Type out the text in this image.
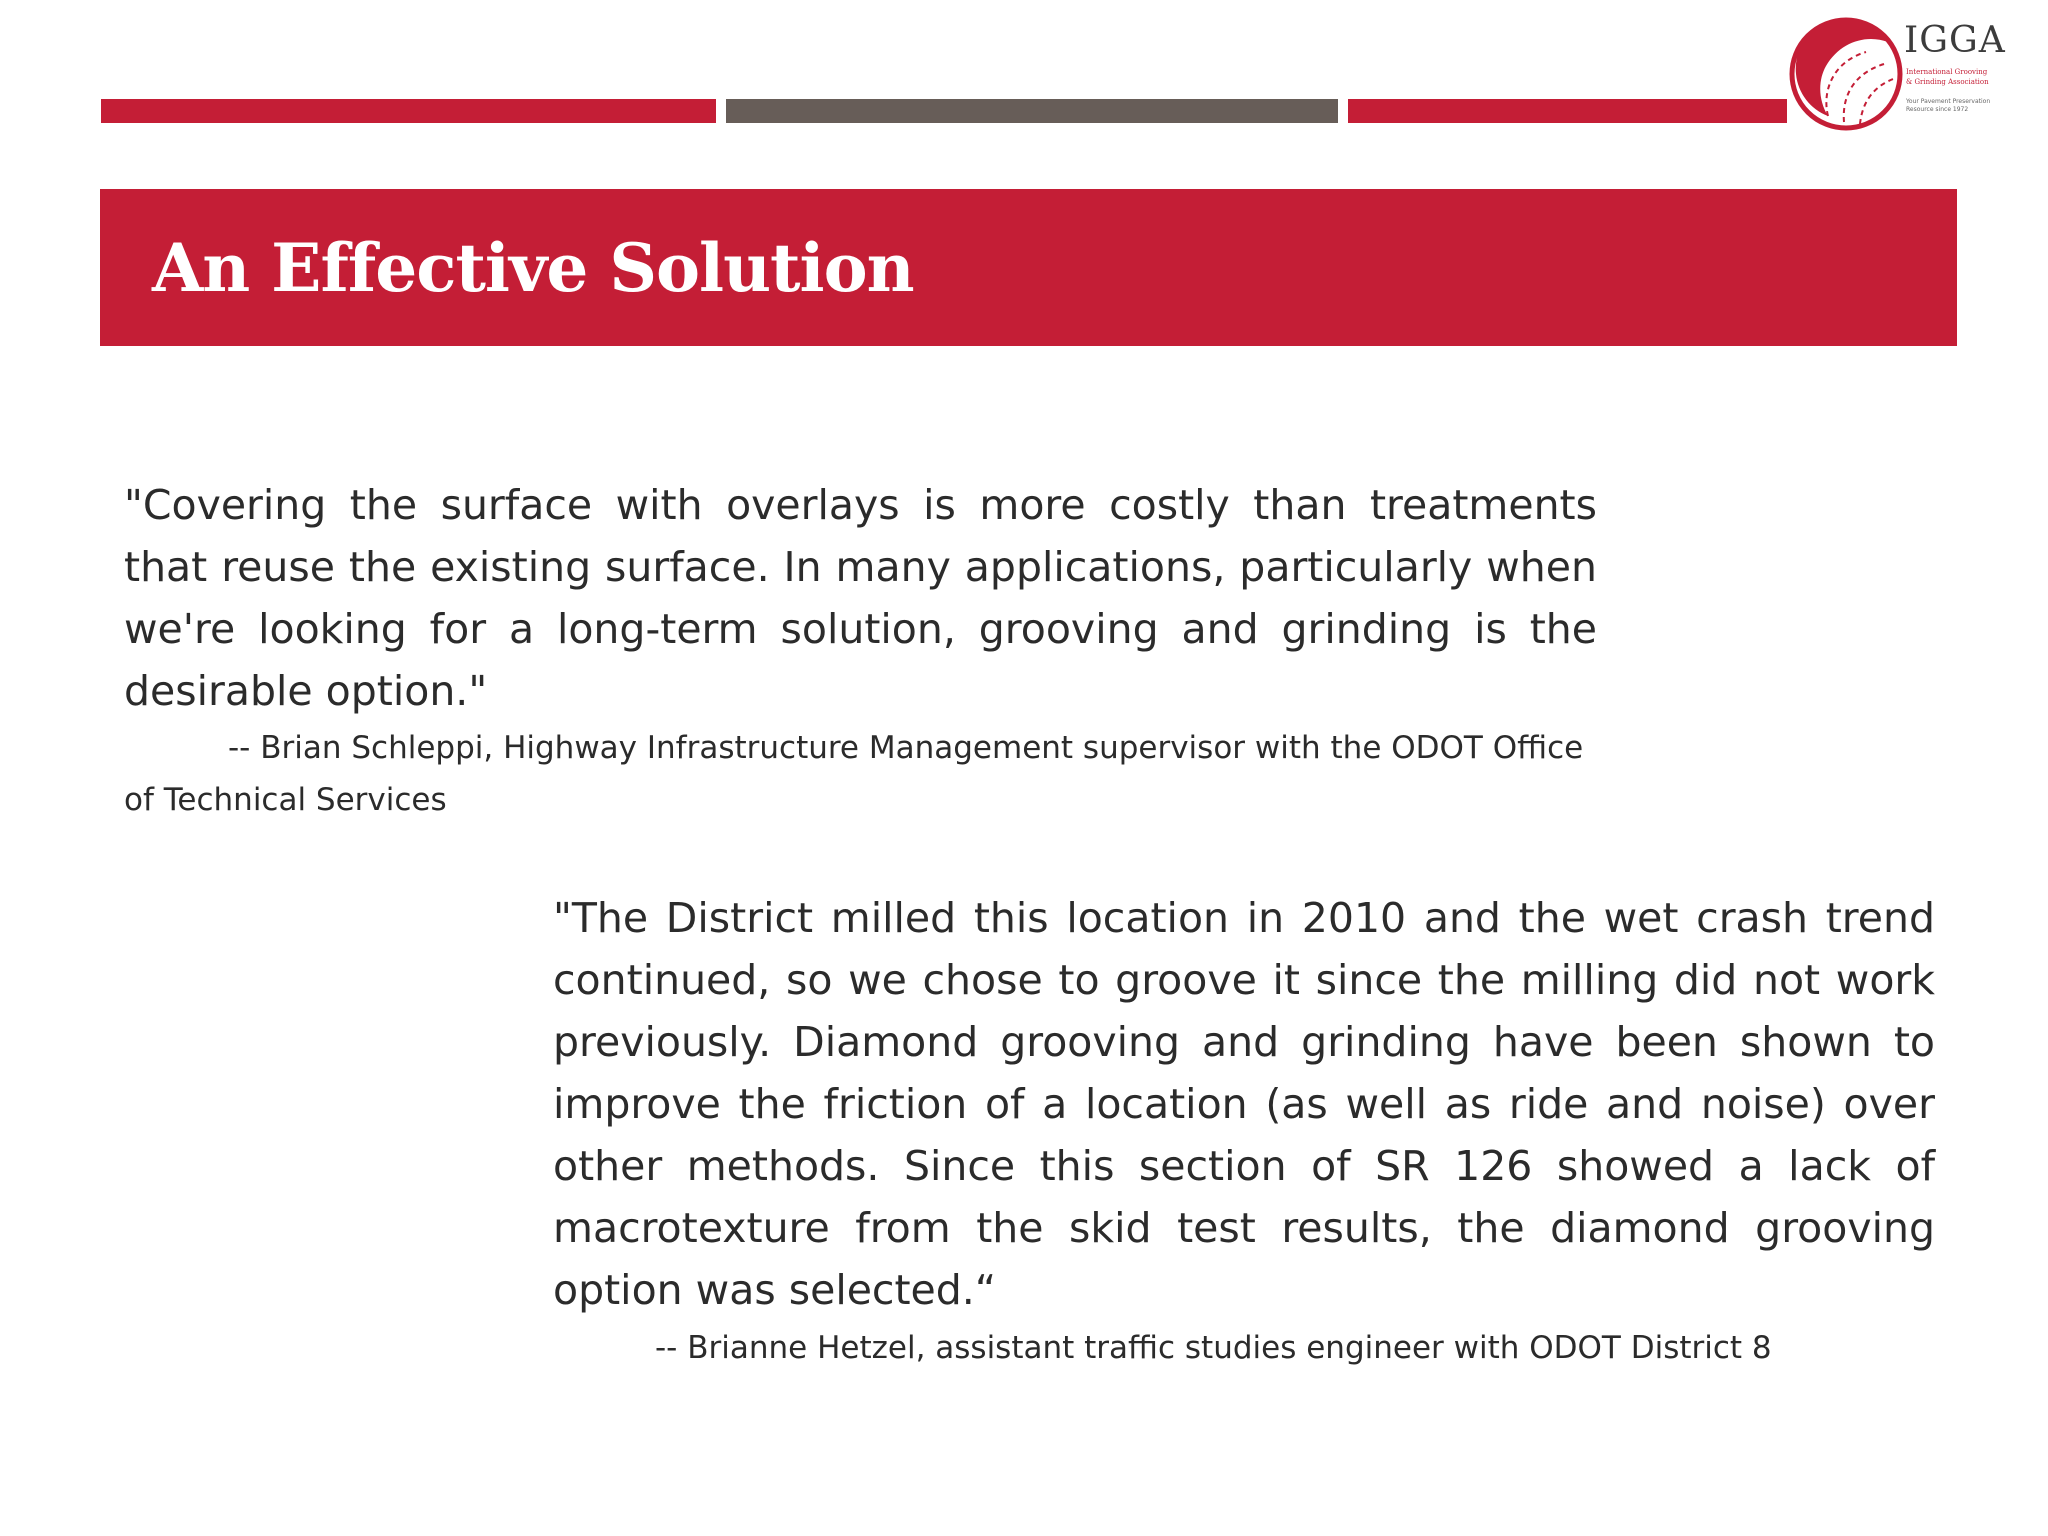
IGGA
International Grooving
& Grinding Association
Your Pavement Preservation
Resource since 1972
An Effective Solution

"Covering the surface with overlays is more costly than treatments that reuse the existing surface. In many applications, particularly when we're looking for a long-term solution, grooving and grinding is the desirable option."

-- Brian Schleppi, Highway Infrastructure Management supervisor with the ODOT Office of Technical Services

"The District milled this location in 2010 and the wet crash trend continued, so we chose to groove it since the milling did not work previously. Diamond grooving and grinding have been shown to improve the friction of a location (as well as ride and noise) over other methods. Since this section of SR 126 showed a lack of macrotexture from the skid test results, the diamond grooving option was selected.“

-- Brianne Hetzel, assistant traffic studies engineer with ODOT District 8
